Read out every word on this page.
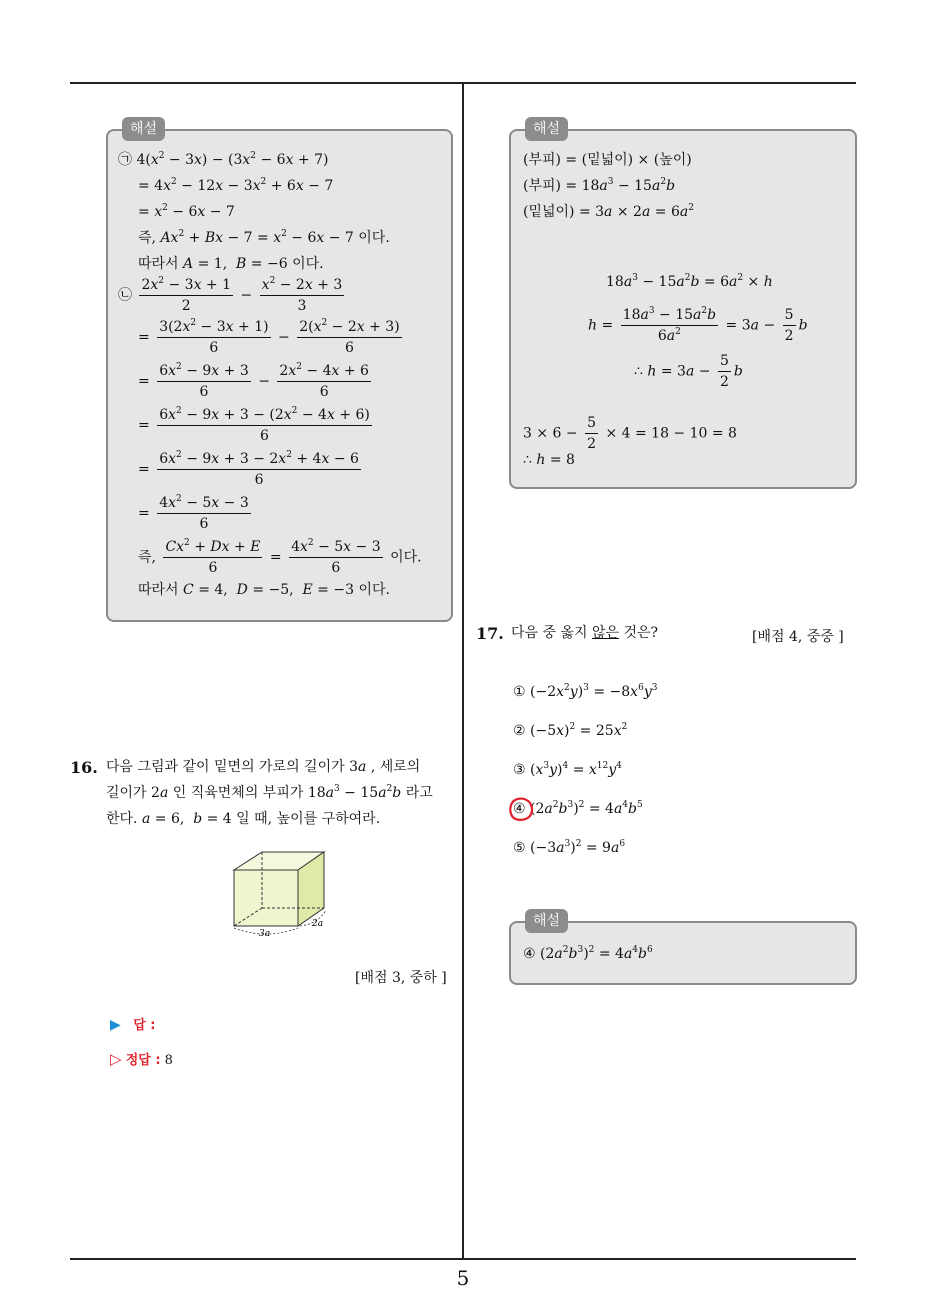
5
해설
㉠ $4(x^2 - 3x) - (3x^2 - 6x + 7)$
= $4x^2 - 12x - 3x^2 + 6x - 7$
= $x^2 - 6x - 7$
즉, $Ax^2 + Bx - 7 = x^2 - 6x - 7$ 이다.
따라서 A = 1,  B = −6 이다.
㉡ $\frac{2x^2 - 3x + 1}{2} - \frac{x^2 - 2x + 3}{3}$
= $\frac{3(2x^2 - 3x + 1)}{6} - \frac{2(x^2 - 2x + 3)}{6}$
= $\frac{6x^2 - 9x + 3}{6} - \frac{2x^2 - 4x + 6}{6}$
= $\frac{6x^2 - 9x + 3 - (2x^2 - 4x + 6)}{6}$
= $\frac{6x^2 - 9x + 3 - 2x^2 + 4x - 6}{6}$
= $\frac{4x^2 - 5x - 3}{6}$
즉, $\frac{Cx^2 + Dx + E}{6} = \frac{4x^2 - 5x - 3}{6}$ 이다.
따라서 C = 4,  D = −5,  E = −3 이다.
16. 다음 그림과 같이 밑면의 가로의 길이가 3a , 세로의
길이가 2a 인 직육면체의 부피가 $18a^3 - 15a^2b$ 라고
한다. a = 6,  b = 4 일 때, 높이를 구하여라.
3a
2a
[배점 3, 중하 ]
▶ 답 :
▷ 정답 : 8
해설
(부피) = (밑넓이) × (높이)
(부피) = $18a^3 - 15a^2b$
(밑넓이) = $3a \times 2a = 6a^2$
$18a^3 - 15a^2b = 6a^2 \times h$
$h = \frac{18a^3 - 15a^2b}{6a^2} = 3a - \frac{5}{2}$ b
∴ $h = 3a - \frac{5}{2}$ b
$3 \times 6 - \frac{5}{2} \times 4 = 18 - 10 = 8$
∴ h = 8
17. 다음 중 옳지 않은 것은?	[배점 4, 중중 ]
① $(-2x^2y)^3 = -8x^6y^3$
② $(-5x)^2 = 25x^2$
③ $(x^3y)^4 = x^{12}y^4$
④ $(2a^2b^3)^2 = 4a^4b^5$
⑤ $(-3a^3)^2 = 9a^6$
해설
④ $(2a^2b^3)^2 = 4a^4b^6$
